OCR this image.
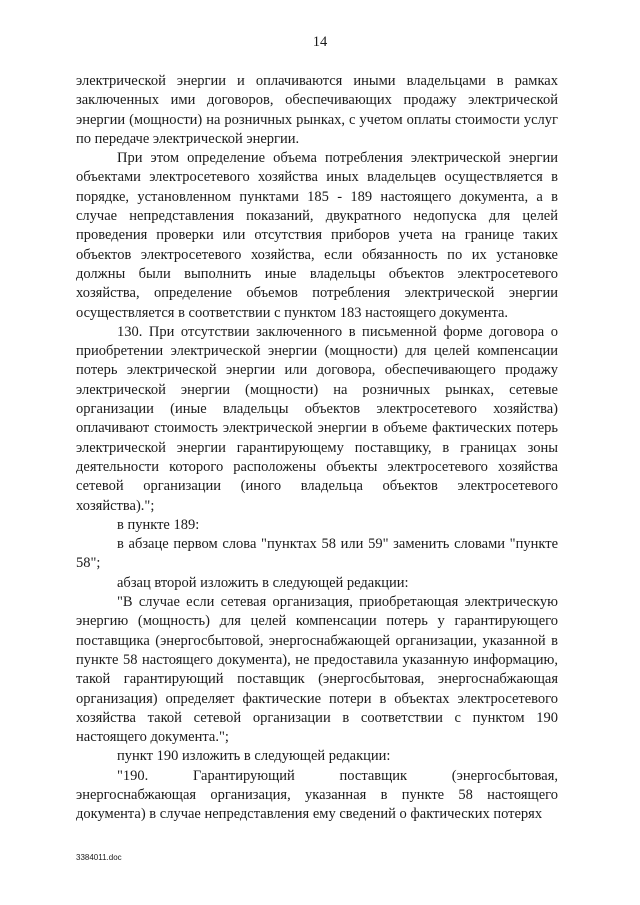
14

электрической энергии и оплачиваются иными владельцами в рамках заключенных ими договоров, обеспечивающих продажу электрической энергии (мощности) на розничных рынках, с учетом оплаты стоимости услуг по передаче электрической энергии.

При этом определение объема потребления электрической энергии объектами электросетевого хозяйства иных владельцев осуществляется в порядке, установленном пунктами 185 - 189 настоящего документа, а в случае непредставления показаний, двукратного недопуска для целей проведения проверки или отсутствия приборов учета на границе таких объектов электросетевого хозяйства, если обязанность по их установке должны были выполнить иные владельцы объектов электросетевого хозяйства, определение объемов потребления электрической энергии осуществляется в соответствии с пунктом 183 настоящего документа.

130. При отсутствии заключенного в письменной форме договора о приобретении электрической энергии (мощности) для целей компенсации потерь электрической энергии или договора, обеспечивающего продажу электрической энергии (мощности) на розничных рынках, сетевые организации (иные владельцы объектов электросетевого хозяйства) оплачивают стоимость электрической энергии в объеме фактических потерь электрической энергии гарантирующему поставщику, в границах зоны деятельности которого расположены объекты электросетевого хозяйства сетевой организации (иного владельца объектов электросетевого хозяйства).";

в пункте 189:

в абзаце первом слова "пунктах 58 или 59" заменить словами "пункте 58";

абзац второй изложить в следующей редакции:

"В случае если сетевая организация, приобретающая электрическую энергию (мощность) для целей компенсации потерь у гарантирующего поставщика (энергосбытовой, энергоснабжающей организации, указанной в пункте 58 настоящего документа), не предоставила указанную информацию, такой гарантирующий поставщик (энергосбытовая, энергоснабжающая организация) определяет фактические потери в объектах электросетевого хозяйства такой сетевой организации в соответствии с пунктом 190 настоящего документа.";

пункт 190 изложить в следующей редакции:

"190. Гарантирующий поставщик (энергосбытовая, энергоснабжающая организация, указанная в пункте 58 настоящего документа) в случае непредставления ему сведений о фактических потерях

3384011.doc
